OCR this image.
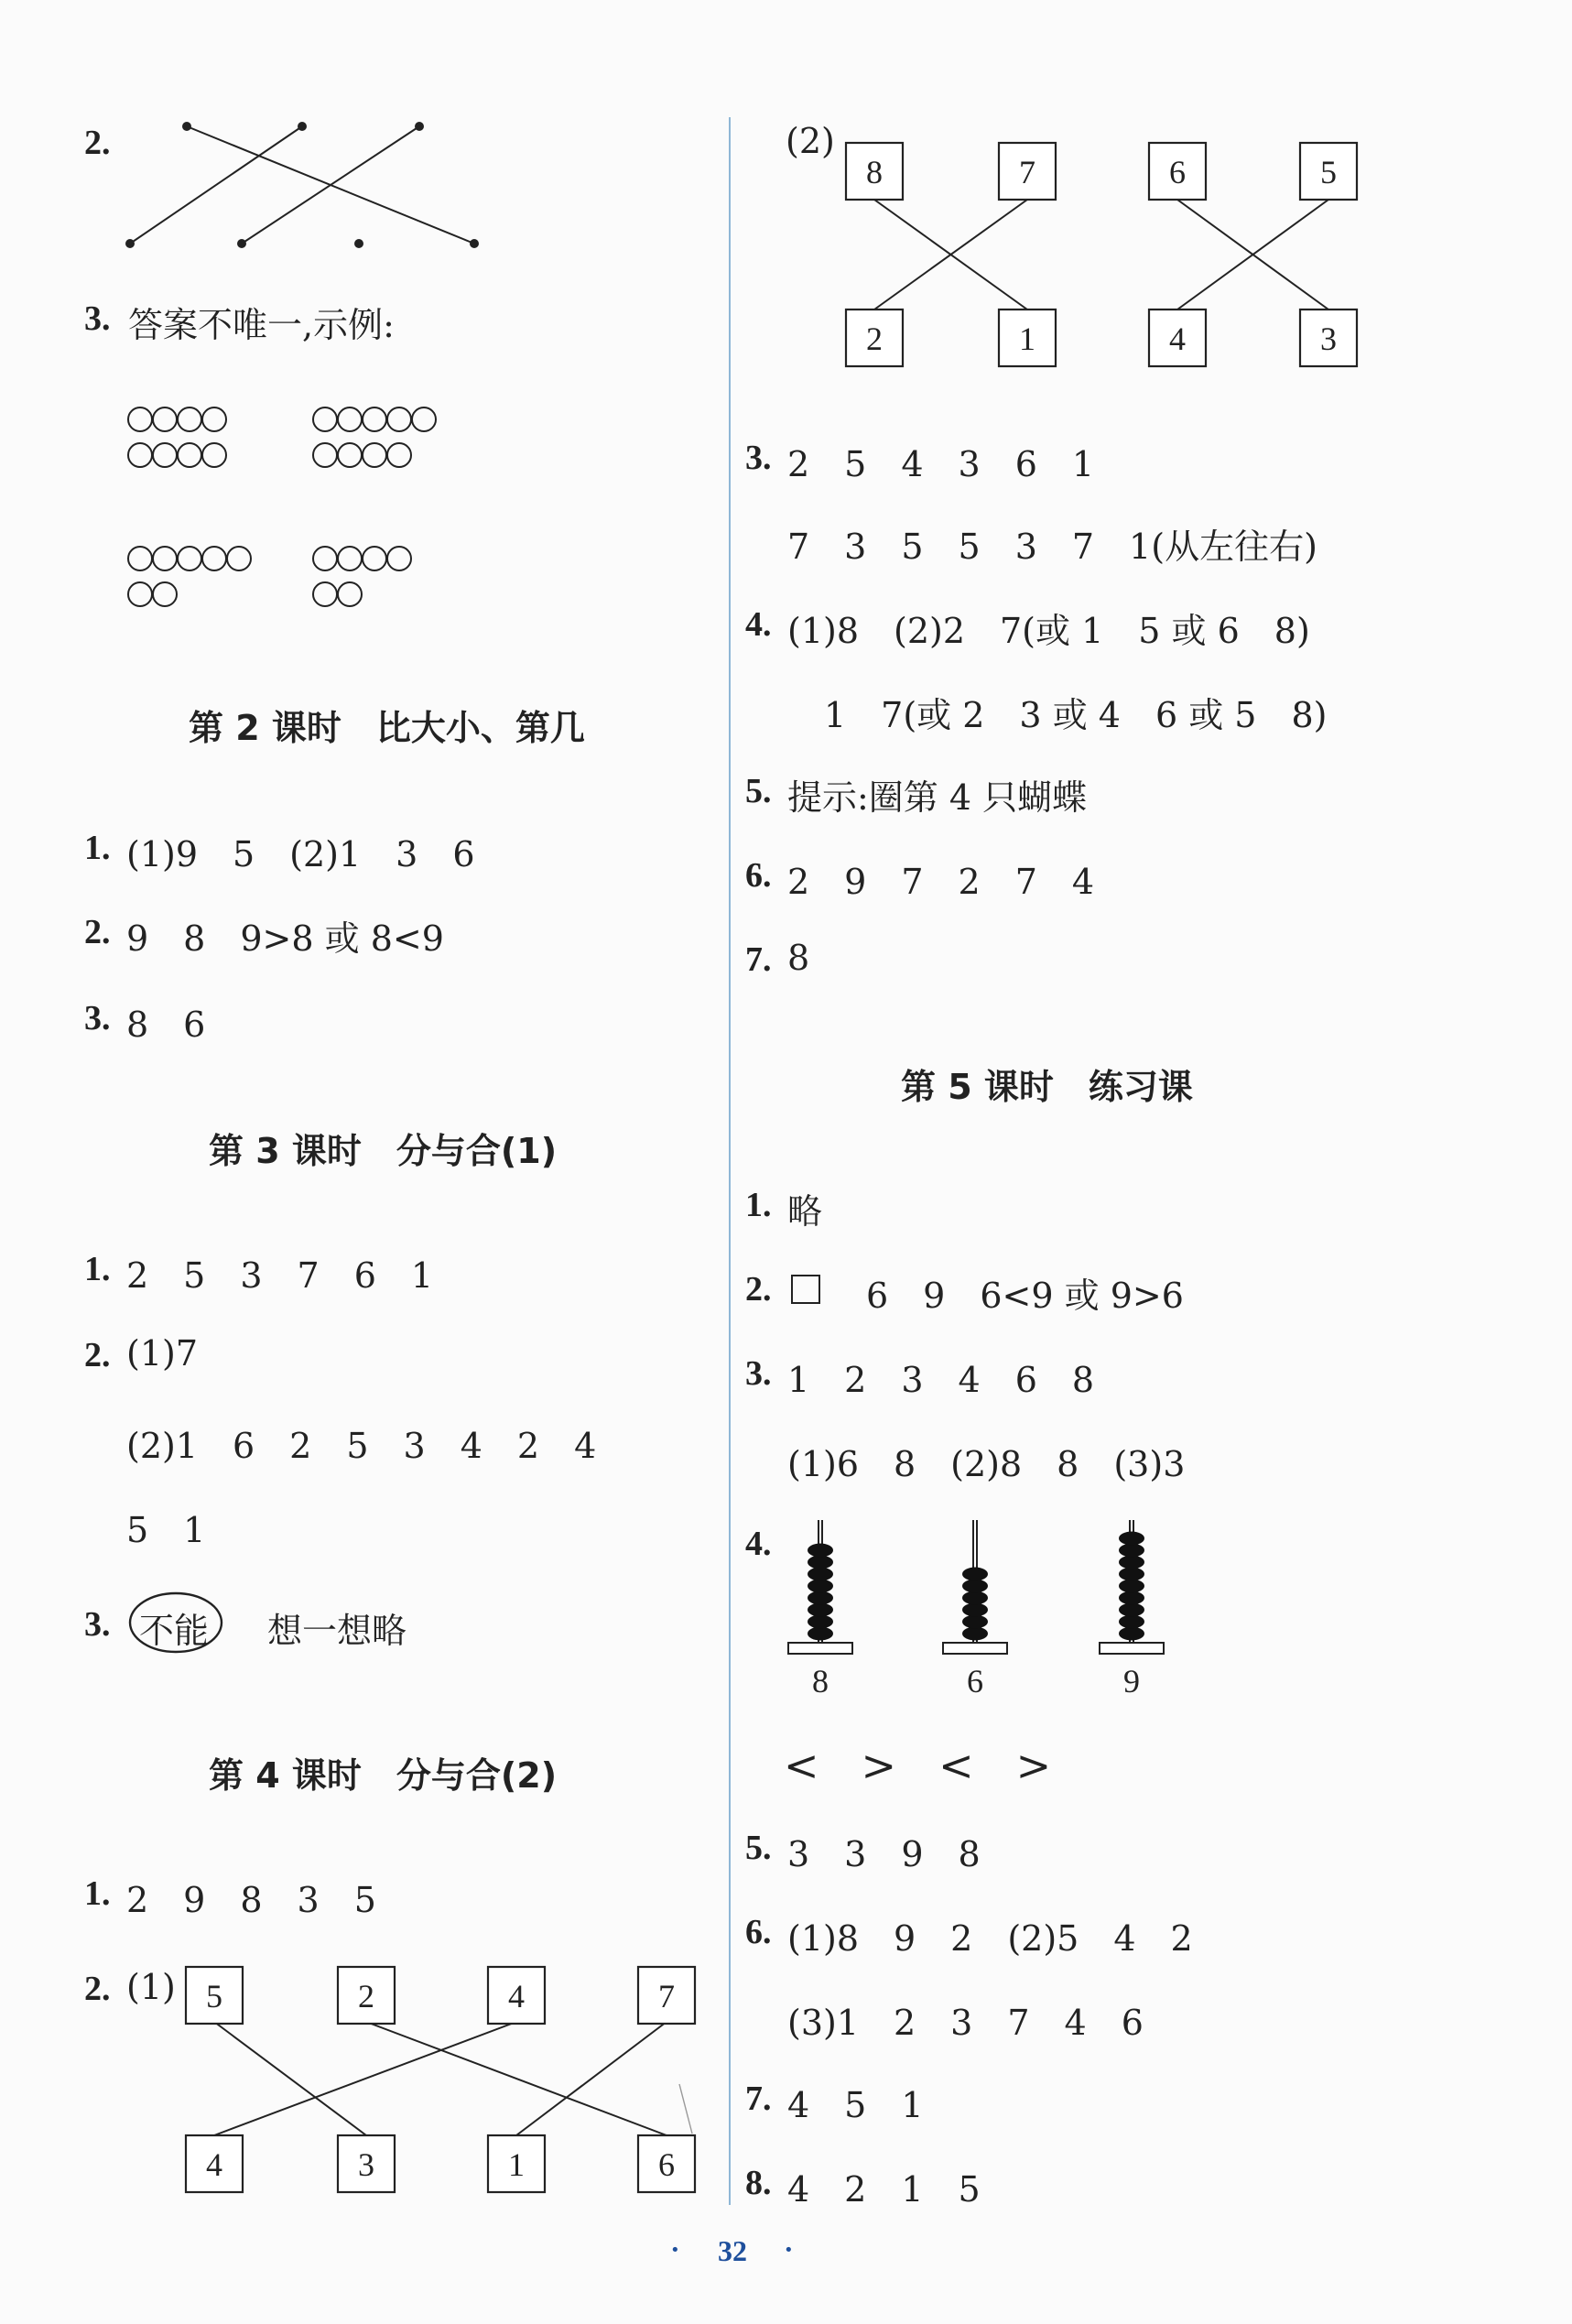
2.
3. 答案不唯一,示例:
第 2 课时　比大小、第几
1. (1)9　5　(2)1　3　6
2. 9　8　9>8 或 8<9
3. 8　6
第 3 课时　分与合(1)
1. 2　5　3　7　6　1
2. (1)7
(2)1　6　2　5　3　4　2　4
5　1
3. 不能 想一想略
第 4 课时　分与合(2)
1. 2　9　8　3　5
2. (1)
(2)
3. 2　5　4　3　6　1
7　3　5　5　3　7　1(从左往右)
4. (1)8　(2)2　7(或 1　5 或 6　8)
1　7(或 2　3 或 4　6 或 5　8)
5. 提示:圈第 4 只蝴蝶
6. 2　9　7　2　7　4
7. 8
第 5 课时　练习课
1. 略
2.	6　9　6<9 或 9>6
3. 1　2　3　4　6　8
(1)6　8　(2)8　8　(3)3
4.
<　>　<　>
5. 3　3　9　8
6. (1)8　9　2　(2)5　4　2
(3)1　2　3　7　4　6
7. 4　5　1
8. 4　2　1　5
· 32 ·
5	2	4	7
4	3	1	6
8	7	6	5
2	1	4	3
8	6	9
